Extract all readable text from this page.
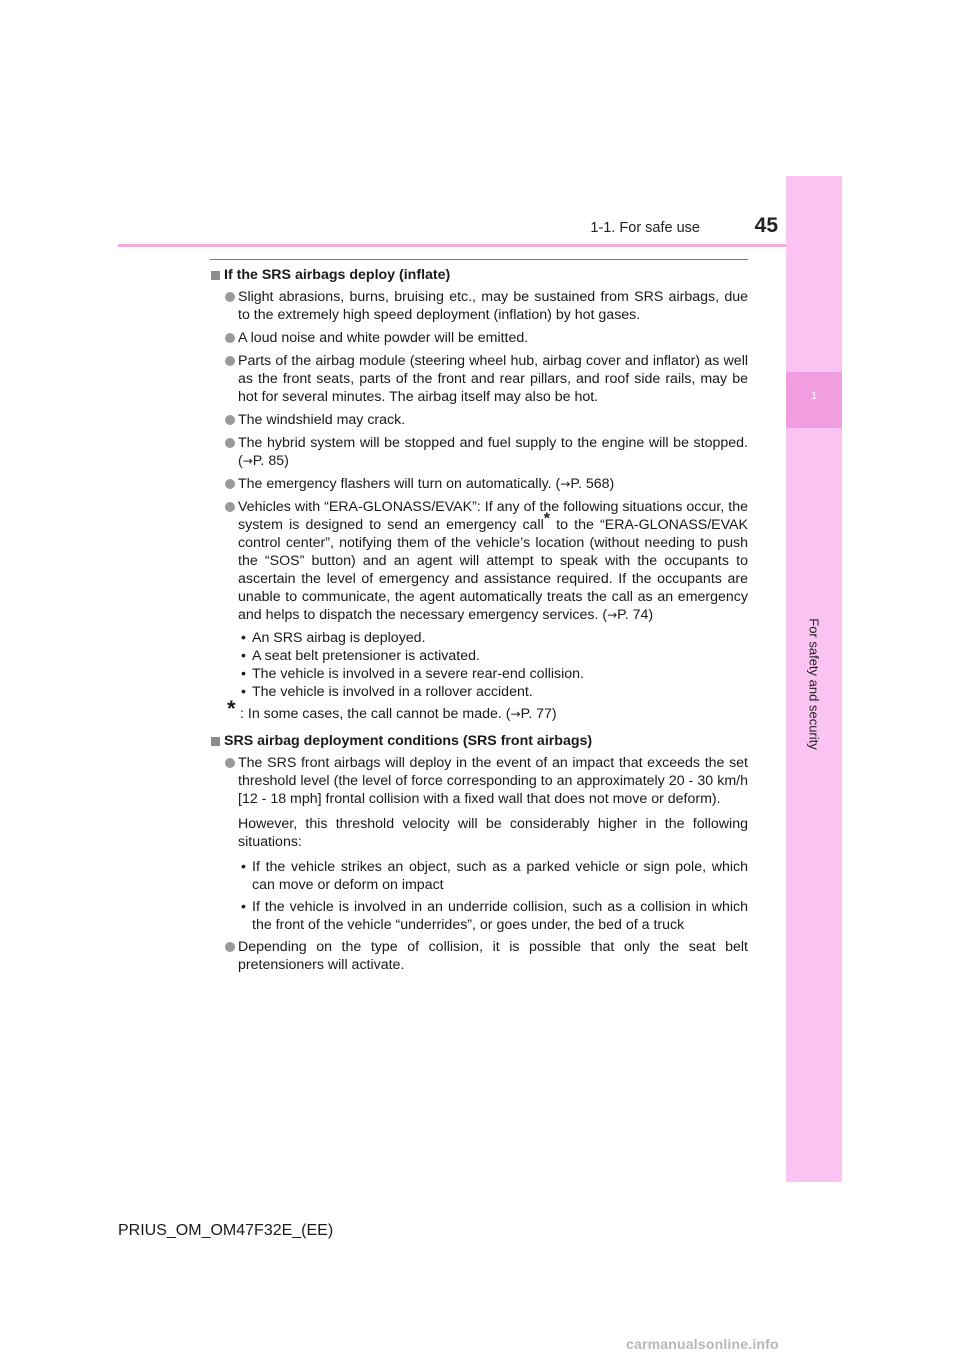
1-1. For safe use	45
1
For safety and security
If the SRS airbags deploy (inflate)
Slight abrasions, burns, bruising etc., may be sustained from SRS airbags, due to the extremely high speed deployment (inflation) by hot gases.
A loud noise and white powder will be emitted.
Parts of the airbag module (steering wheel hub, airbag cover and inflator) as well as the front seats, parts of the front and rear pillars, and roof side rails, may be hot for several minutes. The airbag itself may also be hot.
The windshield may crack.
The hybrid system will be stopped and fuel supply to the engine will be stopped. (→P. 85)
The emergency flashers will turn on automatically. (→P. 568)
Vehicles with “ERA-GLONASS/EVAK”: If any of the following situations occur, the system is designed to send an emergency call* to the “ERA-GLONASS/EVAK control center”, notifying them of the vehicle’s location (without needing to push the “SOS” button) and an agent will attempt to speak with the occupants to ascertain the level of emergency and assistance required. If the occupants are unable to communicate, the agent automatically treats the call as an emergency and helps to dispatch the necessary emergency services. (→P. 74)
• An SRS airbag is deployed.
• A seat belt pretensioner is activated.
• The vehicle is involved in a severe rear-end collision.
• The vehicle is involved in a rollover accident.
* : In some cases, the call cannot be made. (→P. 77)
SRS airbag deployment conditions (SRS front airbags)
The SRS front airbags will deploy in the event of an impact that exceeds the set threshold level (the level of force corresponding to an approximately 20 - 30 km/h [12 - 18 mph] frontal collision with a fixed wall that does not move or deform).
However, this threshold velocity will be considerably higher in the following situations:
• If the vehicle strikes an object, such as a parked vehicle or sign pole, which can move or deform on impact
• If the vehicle is involved in an underride collision, such as a collision in which the front of the vehicle “underrides”, or goes under, the bed of a truck
Depending on the type of collision, it is possible that only the seat belt pretensioners will activate.
PRIUS_OM_OM47F32E_(EE)
carmanualsonline.info
